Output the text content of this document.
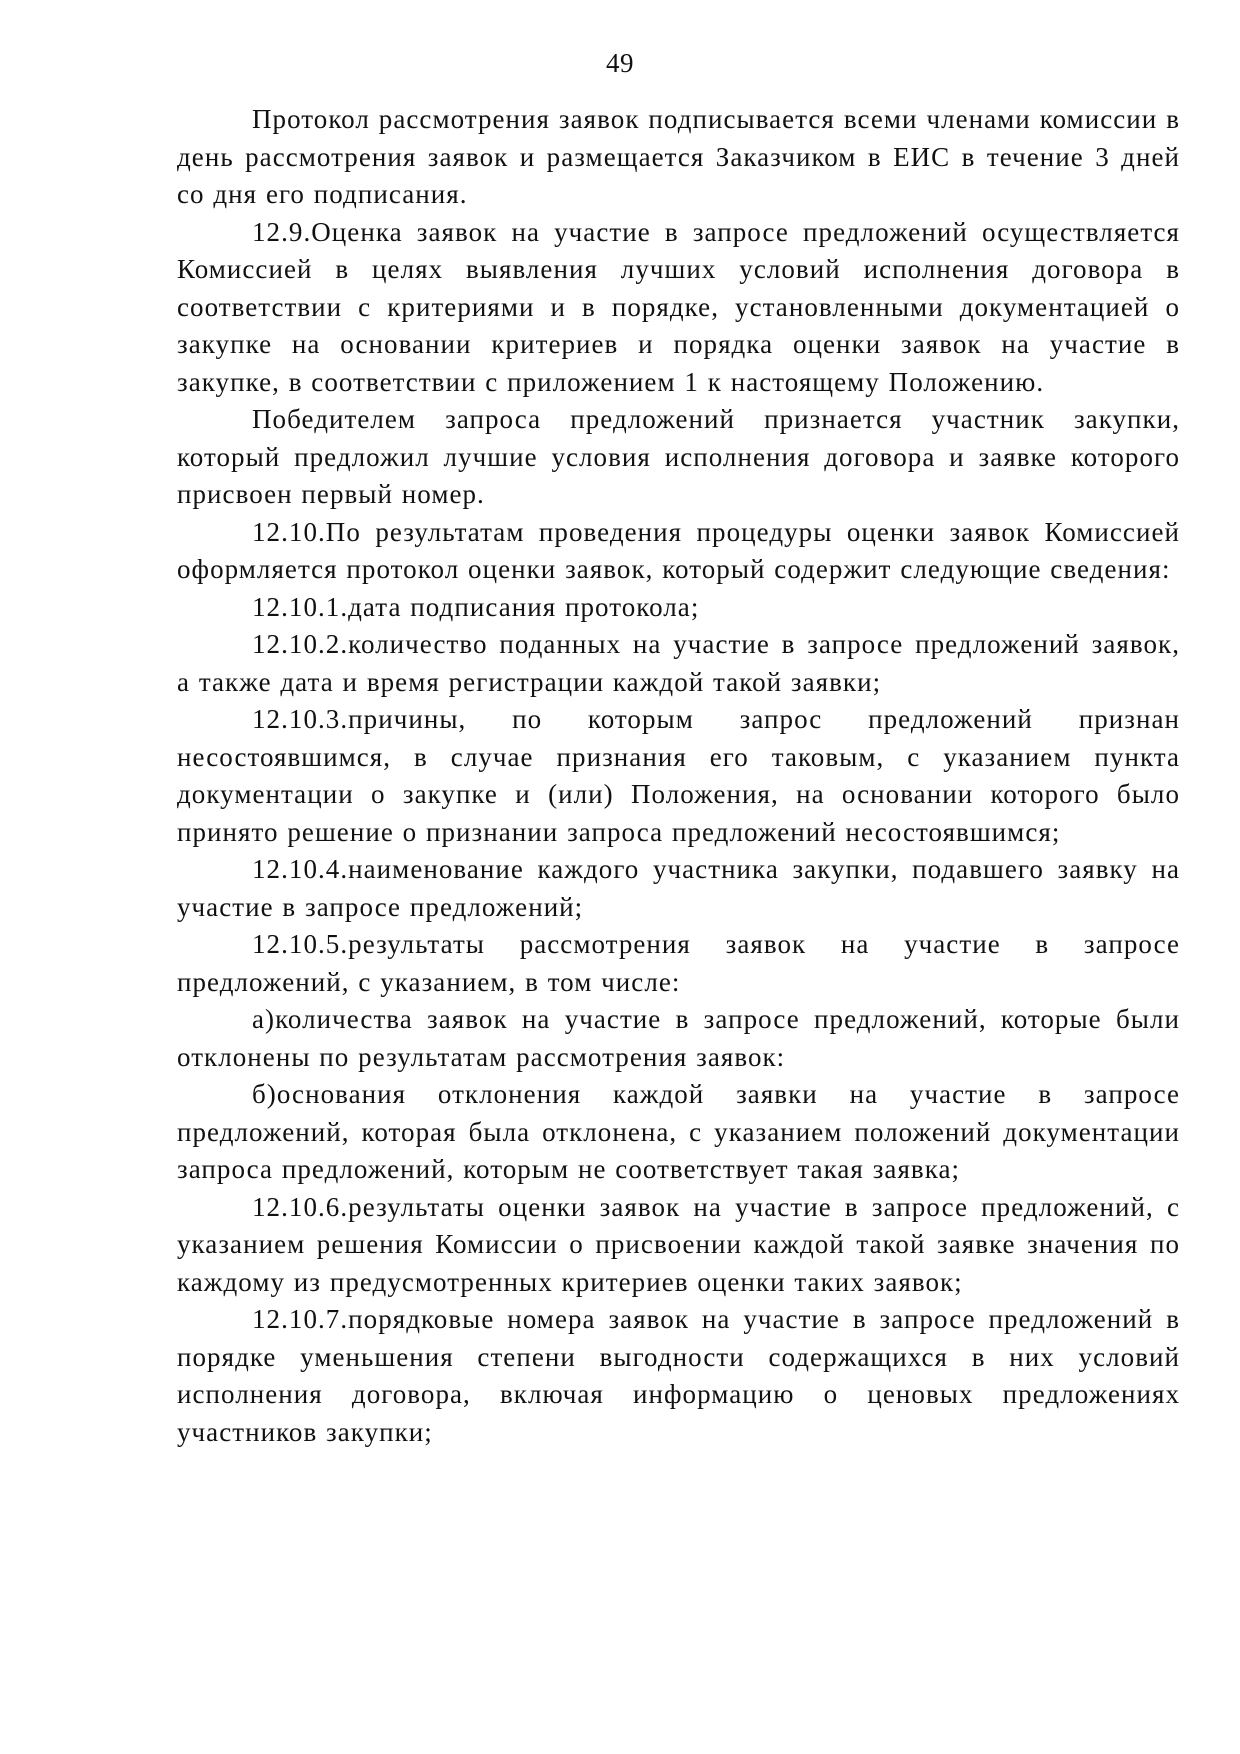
49

Протокол рассмотрения заявок подписывается всеми членами комиссии в день рассмотрения заявок и размещается Заказчиком в ЕИС в течение 3 дней со дня его подписания.

12.9.Оценка заявок на участие в запросе предложений осуществляется Комиссией в целях выявления лучших условий исполнения договора в соответствии с критериями и в порядке, установленными документацией о закупке на основании критериев и порядка оценки заявок на участие в закупке, в соответствии с приложением 1 к настоящему Положению.

Победителем запроса предложений признается участник закупки, который предложил лучшие условия исполнения договора и заявке которого присвоен первый номер.

12.10.По результатам проведения процедуры оценки заявок Комиссией оформляется протокол оценки заявок, который содержит следующие сведения:

12.10.1.дата подписания протокола;

12.10.2.количество поданных на участие в запросе предложений заявок, а также дата и время регистрации каждой такой заявки;

12.10.3.причины, по которым запрос предложений признан несостоявшимся, в случае признания его таковым, с указанием пункта документации о закупке и (или) Положения, на основании которого было принято решение о признании запроса предложений несостоявшимся;

12.10.4.наименование каждого участника закупки, подавшего заявку на участие в запросе предложений;

12.10.5.результаты рассмотрения заявок на участие в запросе предложений, с указанием, в том числе:

а)количества заявок на участие в запросе предложений, которые были отклонены по результатам рассмотрения заявок:

б)основания отклонения каждой заявки на участие в запросе предложений, которая была отклонена, с указанием положений документации запроса предложений, которым не соответствует такая заявка;

12.10.6.результаты оценки заявок на участие в запросе предложений, с указанием решения Комиссии о присвоении каждой такой заявке значения по каждому из предусмотренных критериев оценки таких заявок;

12.10.7.порядковые номера заявок на участие в запросе предложений в порядке уменьшения степени выгодности содержащихся в них условий исполнения договора, включая информацию о ценовых предложениях участников закупки;
